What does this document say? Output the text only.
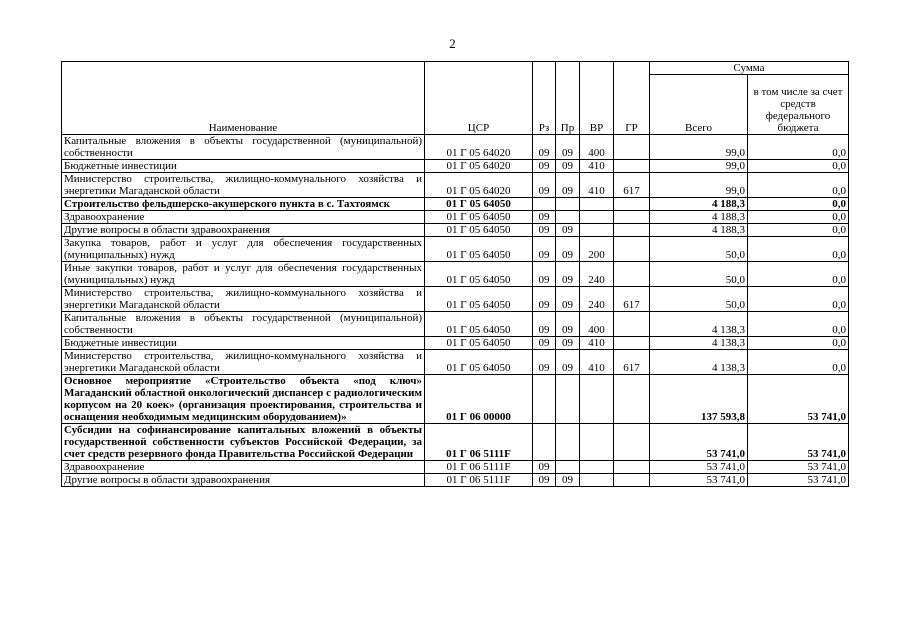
2
Наименование	ЦСР	Рз	Пр	ВР	ГР	Сумма	
						Всего	в том числе за счет средств федерального бюджета
Капитальные вложения в объекты государственной (муниципальной) собственности	01 Г 05 64020	09	09	400		99,0	0,0
Бюджетные инвестиции	01 Г 05 64020	09	09	410		99,0	0,0
Министерство строительства, жилищно-коммунального хозяйства и энергетики Магаданской области	01 Г 05 64020	09	09	410	617	99,0	0,0
Строительство фельдшерско-акушерского пункта в с. Тахтоямск	01 Г 05 64050					4 188,3	0,0
Здравоохранение	01 Г 05 64050	09				4 188,3	0,0
Другие вопросы в области здравоохранения	01 Г 05 64050	09	09			4 188,3	0,0
Закупка товаров, работ и услуг для обеспечения государственных (муниципальных) нужд	01 Г 05 64050	09	09	200		50,0	0,0
Иные закупки товаров, работ и услуг для обеспечения государственных (муниципальных) нужд	01 Г 05 64050	09	09	240		50,0	0,0
Министерство строительства, жилищно-коммунального хозяйства и энергетики Магаданской области	01 Г 05 64050	09	09	240	617	50,0	0,0
Капитальные вложения в объекты государственной (муниципальной) собственности	01 Г 05 64050	09	09	400		4 138,3	0,0
Бюджетные инвестиции	01 Г 05 64050	09	09	410		4 138,3	0,0
Министерство строительства, жилищно-коммунального хозяйства и энергетики Магаданской области	01 Г 05 64050	09	09	410	617	4 138,3	0,0
Основное мероприятие «Строительство объекта «под ключ» Магаданский областной онкологический диспансер с радиологическим корпусом на 20 коек» (организация проектирования, строительства и оснащения необходимым медицинским оборудованием)»	01 Г 06 00000					137 593,8	53 741,0
Субсидии на софинансирование капитальных вложений в объекты государственной собственности субъектов Российской Федерации, за счет средств резервного фонда Правительства Российской Федерации	01 Г 06 5111F					53 741,0	53 741,0
Здравоохранение	01 Г 06 5111F	09				53 741,0	53 741,0
Другие вопросы в области здравоохранения	01 Г 06 5111F	09	09			53 741,0	53 741,0
